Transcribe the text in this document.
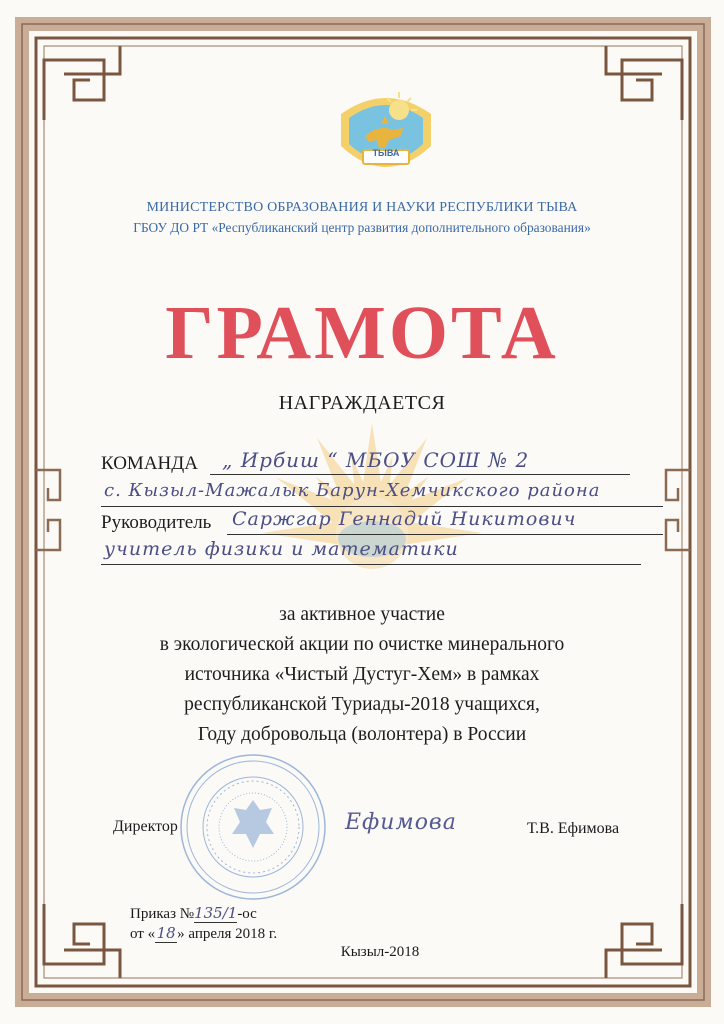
ТЫВА
МИНИСТЕРСТВО ОБРАЗОВАНИЯ И НАУКИ РЕСПУБЛИКИ ТЫВА
ГБОУ ДО РТ «Республиканский центр развития дополнительного образования»
ГРАМОТА
НАГРАЖДАЕТСЯ
КОМАНДА „ Ирбиш “ МБОУ СОШ № 2
с. Кызыл-Мажалык Барун-Хемчикского района
Руководитель Саржгар Геннадий Никитович
учитель физики и математики
за активное участие
в экологической акции по очистке минерального
источника «Чистый Дустуг-Хем» в рамках
республиканской Туриады-2018 учащихся,
Году добровольца (волонтера) в России
Директор	Ефимова	Т.В. Ефимова
Приказ №135/1-ос
от «18» апреля 2018 г.
Кызыл-2018
